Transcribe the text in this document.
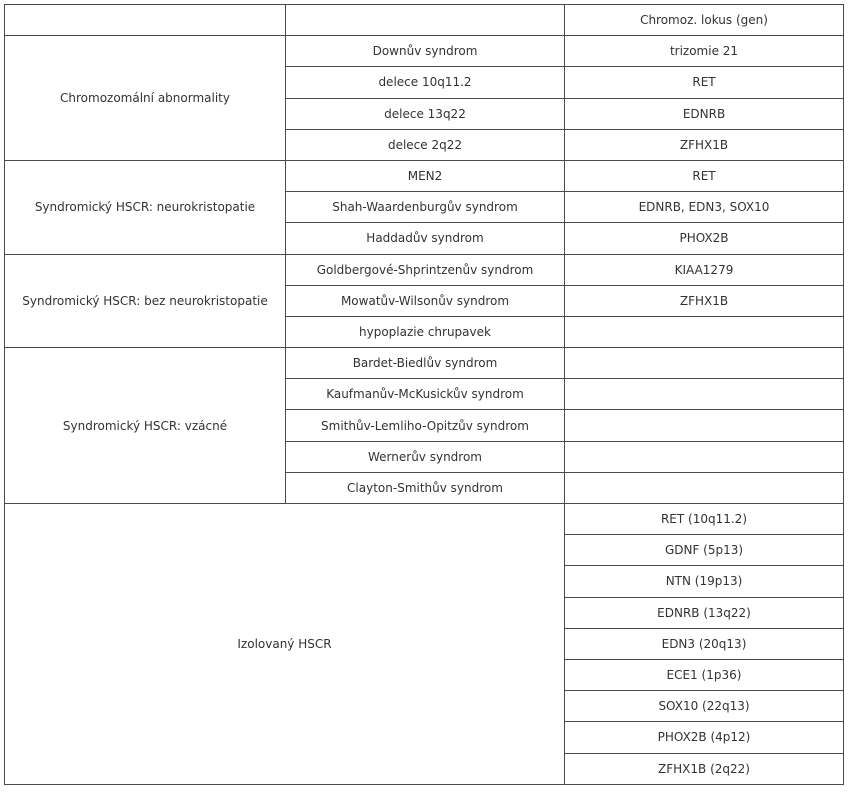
		Chromoz. lokus (gen)
Chromozomální abnormality	Downův syndrom	trizomie 21
	delece 10q11.2	RET
	delece 13q22	EDNRB
	delece 2q22	ZFHX1B
Syndromický HSCR: neurokristopatie	MEN2	RET
	Shah-Waardenburgův syndrom	EDNRB, EDN3, SOX10
	Haddadův syndrom	PHOX2B
Syndromický HSCR: bez neurokristopatie	Goldbergové-Shprintzenův syndrom	KIAA1279
	Mowatův-Wilsonův syndrom	ZFHX1B
	hypoplazie chrupavek	
Syndromický HSCR: vzácné	Bardet-Biedlův syndrom	
	Kaufmanův-McKusickův syndrom	
	Smithův-Lemliho-Opitzův syndrom	
	Wernerův syndrom	
	Clayton-Smithův syndrom	
Izolovaný HSCR		RET (10q11.2)
		GDNF (5p13)
		NTN (19p13)
		EDNRB (13q22)
		EDN3 (20q13)
		ECE1 (1p36)
		SOX10 (22q13)
		PHOX2B (4p12)
		ZFHX1B (2q22)
